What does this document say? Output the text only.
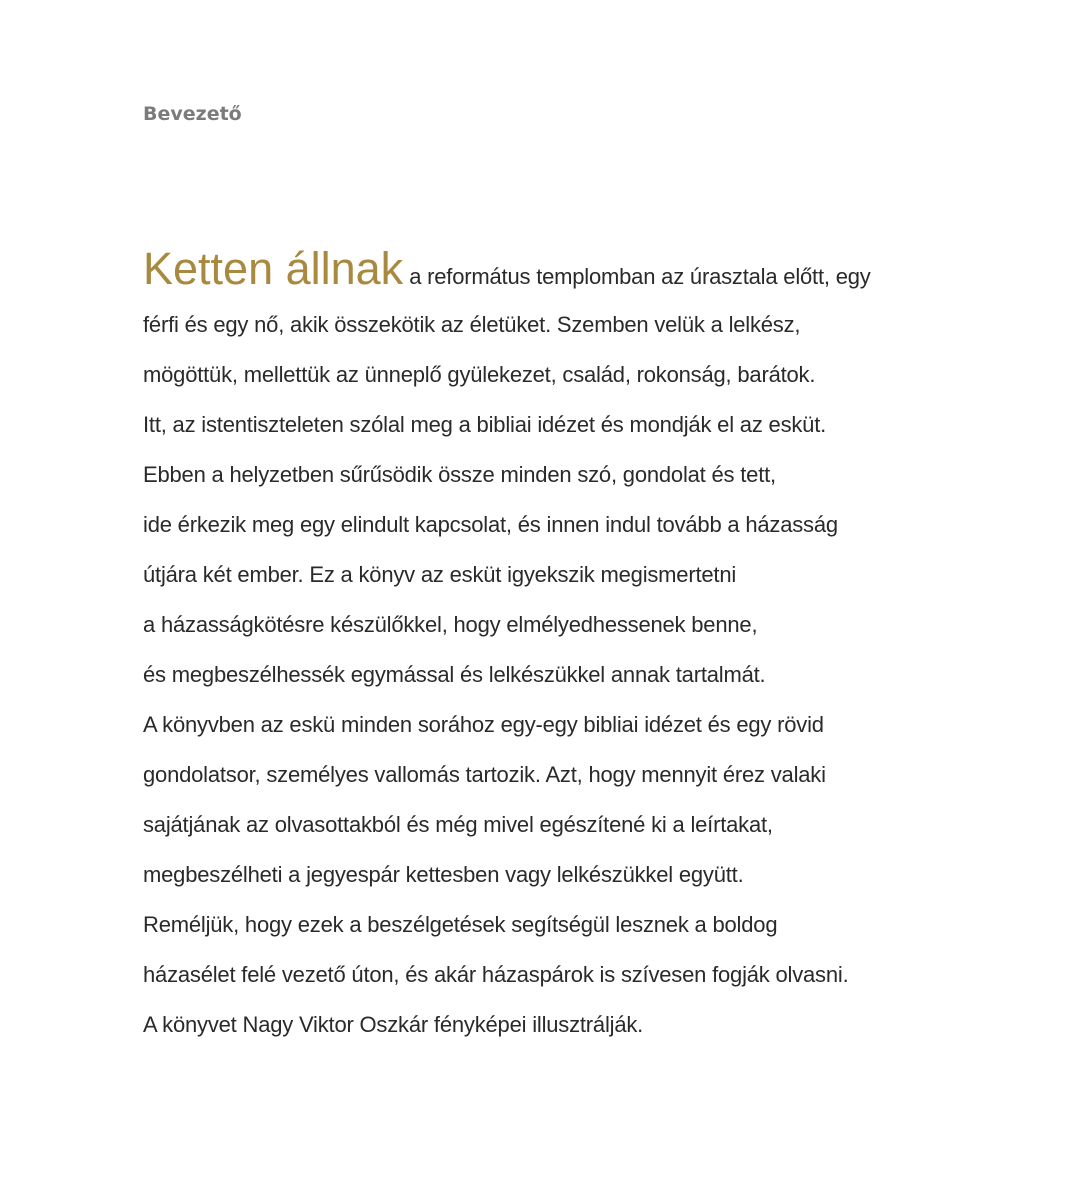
Bevezető
Ketten állnak a református templomban az úrasztala előtt, egy
férfi és egy nő, akik összekötik az életüket. Szemben velük a lelkész,
mögöttük, mellettük az ünneplő gyülekezet, család, rokonság, barátok.
Itt, az istentiszteleten szólal meg a bibliai idézet és mondják el az esküt.
Ebben a helyzetben sűrűsödik össze minden szó, gondolat és tett,
ide érkezik meg egy elindult kapcsolat, és innen indul tovább a házasság
útjára két ember. Ez a könyv az esküt igyekszik megismertetni
a házasságkötésre készülőkkel, hogy elmélyedhessenek benne,
és megbeszélhessék egymással és lelkészükkel annak tartalmát.
A könyvben az eskü minden sorához egy-egy bibliai idézet és egy rövid
gondolatsor, személyes vallomás tartozik. Azt, hogy mennyit érez valaki
sajátjának az olvasottakból és még mivel egészítené ki a leírtakat,
megbeszélheti a jegyespár kettesben vagy lelkészükkel együtt.
Reméljük, hogy ezek a beszélgetések segítségül lesznek a boldog
házasélet felé vezető úton, és akár házaspárok is szívesen fogják olvasni.
A könyvet Nagy Viktor Oszkár fényképei illusztrálják.
